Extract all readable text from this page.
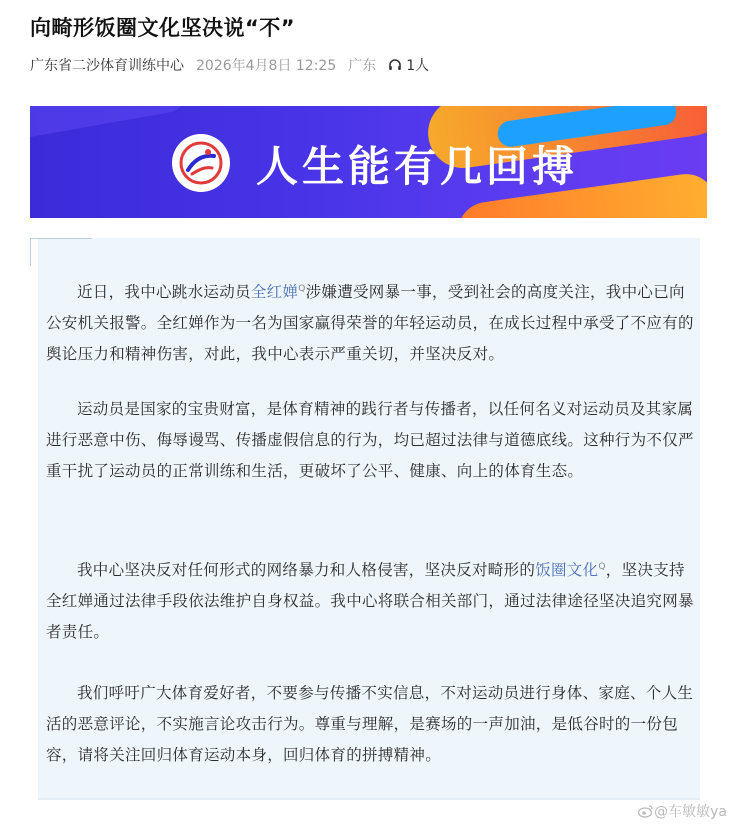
向畸形饭圈文化坚决说“不”
广东省二沙体育训练中心 2026年4月8日 12:25 广东 1人
人生能有几回搏

近日，我中心跳水运动员全红婵$^Q$涉嫌遭受网暴一事，受到社会的高度关注，我中心已向公安机关报警。全红婵作为一名为国家赢得荣誉的年轻运动员，在成长过程中承受了不应有的舆论压力和精神伤害，对此，我中心表示严重关切，并坚决反对。

运动员是国家的宝贵财富，是体育精神的践行者与传播者，以任何名义对运动员及其家属进行恶意中伤、侮辱谩骂、传播虚假信息的行为，均已超过法律与道德底线。这种行为不仅严重干扰了运动员的正常训练和生活，更破坏了公平、健康、向上的体育生态。

我中心坚决反对任何形式的网络暴力和人格侵害，坚决反对畸形的饭圈文化$^Q$，坚决支持全红婵通过法律手段依法维护自身权益。我中心将联合相关部门，通过法律途径坚决追究网暴者责任。

我们呼吁广大体育爱好者，不要参与传播不实信息，不对运动员进行身体、家庭、个人生活的恶意评论，不实施言论攻击行为。尊重与理解，是赛场的一声加油，是低谷时的一份包容，请将关注回归体育运动本身，回归体育的拼搏精神。

@车敏敏ya
